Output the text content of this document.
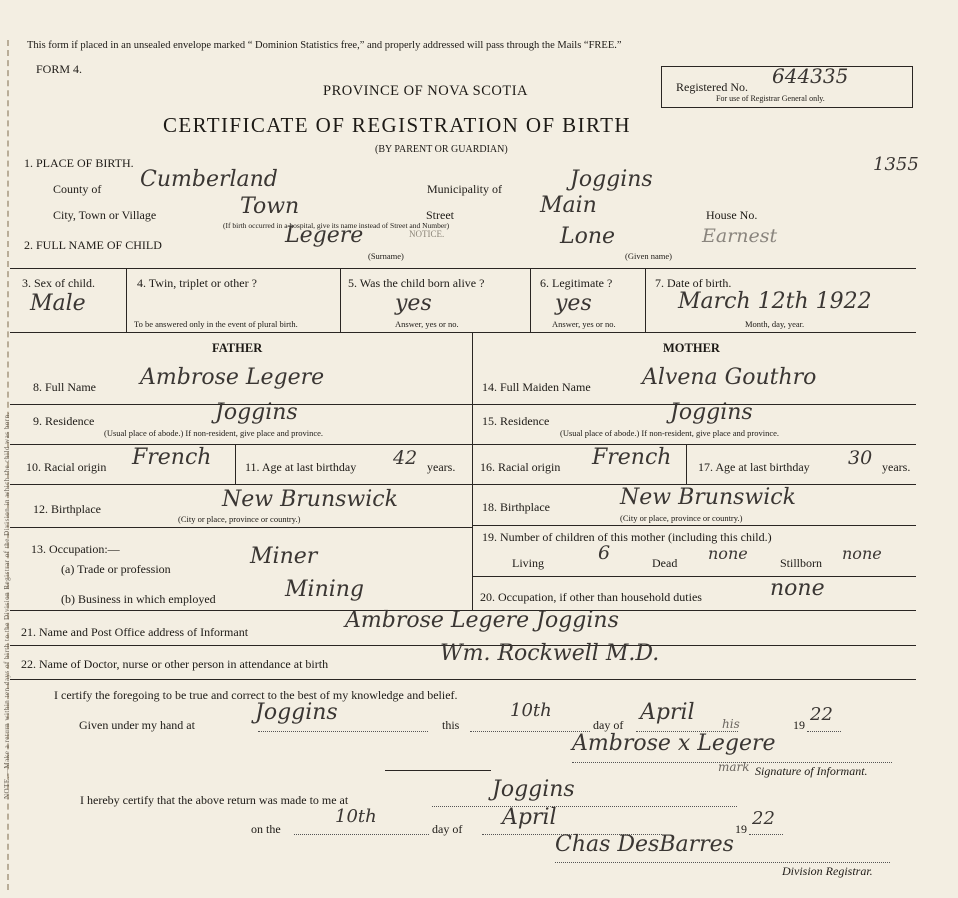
NOTE.—Make a return within ten days of birth to the Division Registrar of the Division in which the child was born.
This form if placed in an unsealed envelope marked “ Dominion Statistics free,” and properly addressed will pass through the Mails “FREE.”
FORM 4.
PROVINCE OF NOVA SCOTIA
CERTIFICATE OF REGISTRATION OF BIRTH
(BY PARENT OR GUARDIAN)
NOTICE.
Registered No. 644335
For use of Registrar General only.
1355
1. PLACE OF BIRTH.
County of Cumberland	Municipality of	Joggins
City, Town or Village	Town
(If birth occurred in a hospital, give its name instead of Street and Number)
Street	Main	House No.
2. FULL NAME OF CHILD	Legere
(Surname)
Lone	Earnest
(Given name)
3. Sex of child.
Male
4. Twin, triplet or other ?
To be answered only in the event of plural birth.
5. Was the child born alive ?
yes
Answer, yes or no.
6. Legitimate ?
yes
Answer, yes or no.
7. Date of birth.
March 12th 1922
Month, day, year.
FATHER	MOTHER
8. Full Name Ambrose Legere
9. Residence	Joggins
(Usual place of abode.) If non-resident, give place and province.
10. Racial origin French	11. Age at last birthday 42 years.
12. Birthplace	New Brunswick
(City or place, province or country.)
13. Occupation:—
(a) Trade or profession	Miner
(b) Business in which employed	Mining
14. Full Maiden Name Alvena Gouthro
15. Residence	Joggins
(Usual place of abode.) If non-resident, give place and province.
16. Racial origin French 17. Age at last birthday 30 years.
18. Birthplace	New Brunswick
(City or place, province or country.)
19. Number of children of this mother (including this child.)
Living	6	Dead none	Stillborn none
20. Occupation, if other than household duties	none
21. Name and Post Office address of Informant	Ambrose Legere Joggins
22. Name of Doctor, nurse or other person in attendance at birth	Wm. Rockwell M.D.
I certify the foregoing to be true and correct to the best of my knowledge and belief.
Given under my hand at	Joggins	this
10th
day of April	19 22
his
Ambrose x Legere
mark Signature of Informant.
I hereby certify that the above return was made to me at	Joggins
on the
10th
day of April	19 22
Chas DesBarres
Division Registrar.
